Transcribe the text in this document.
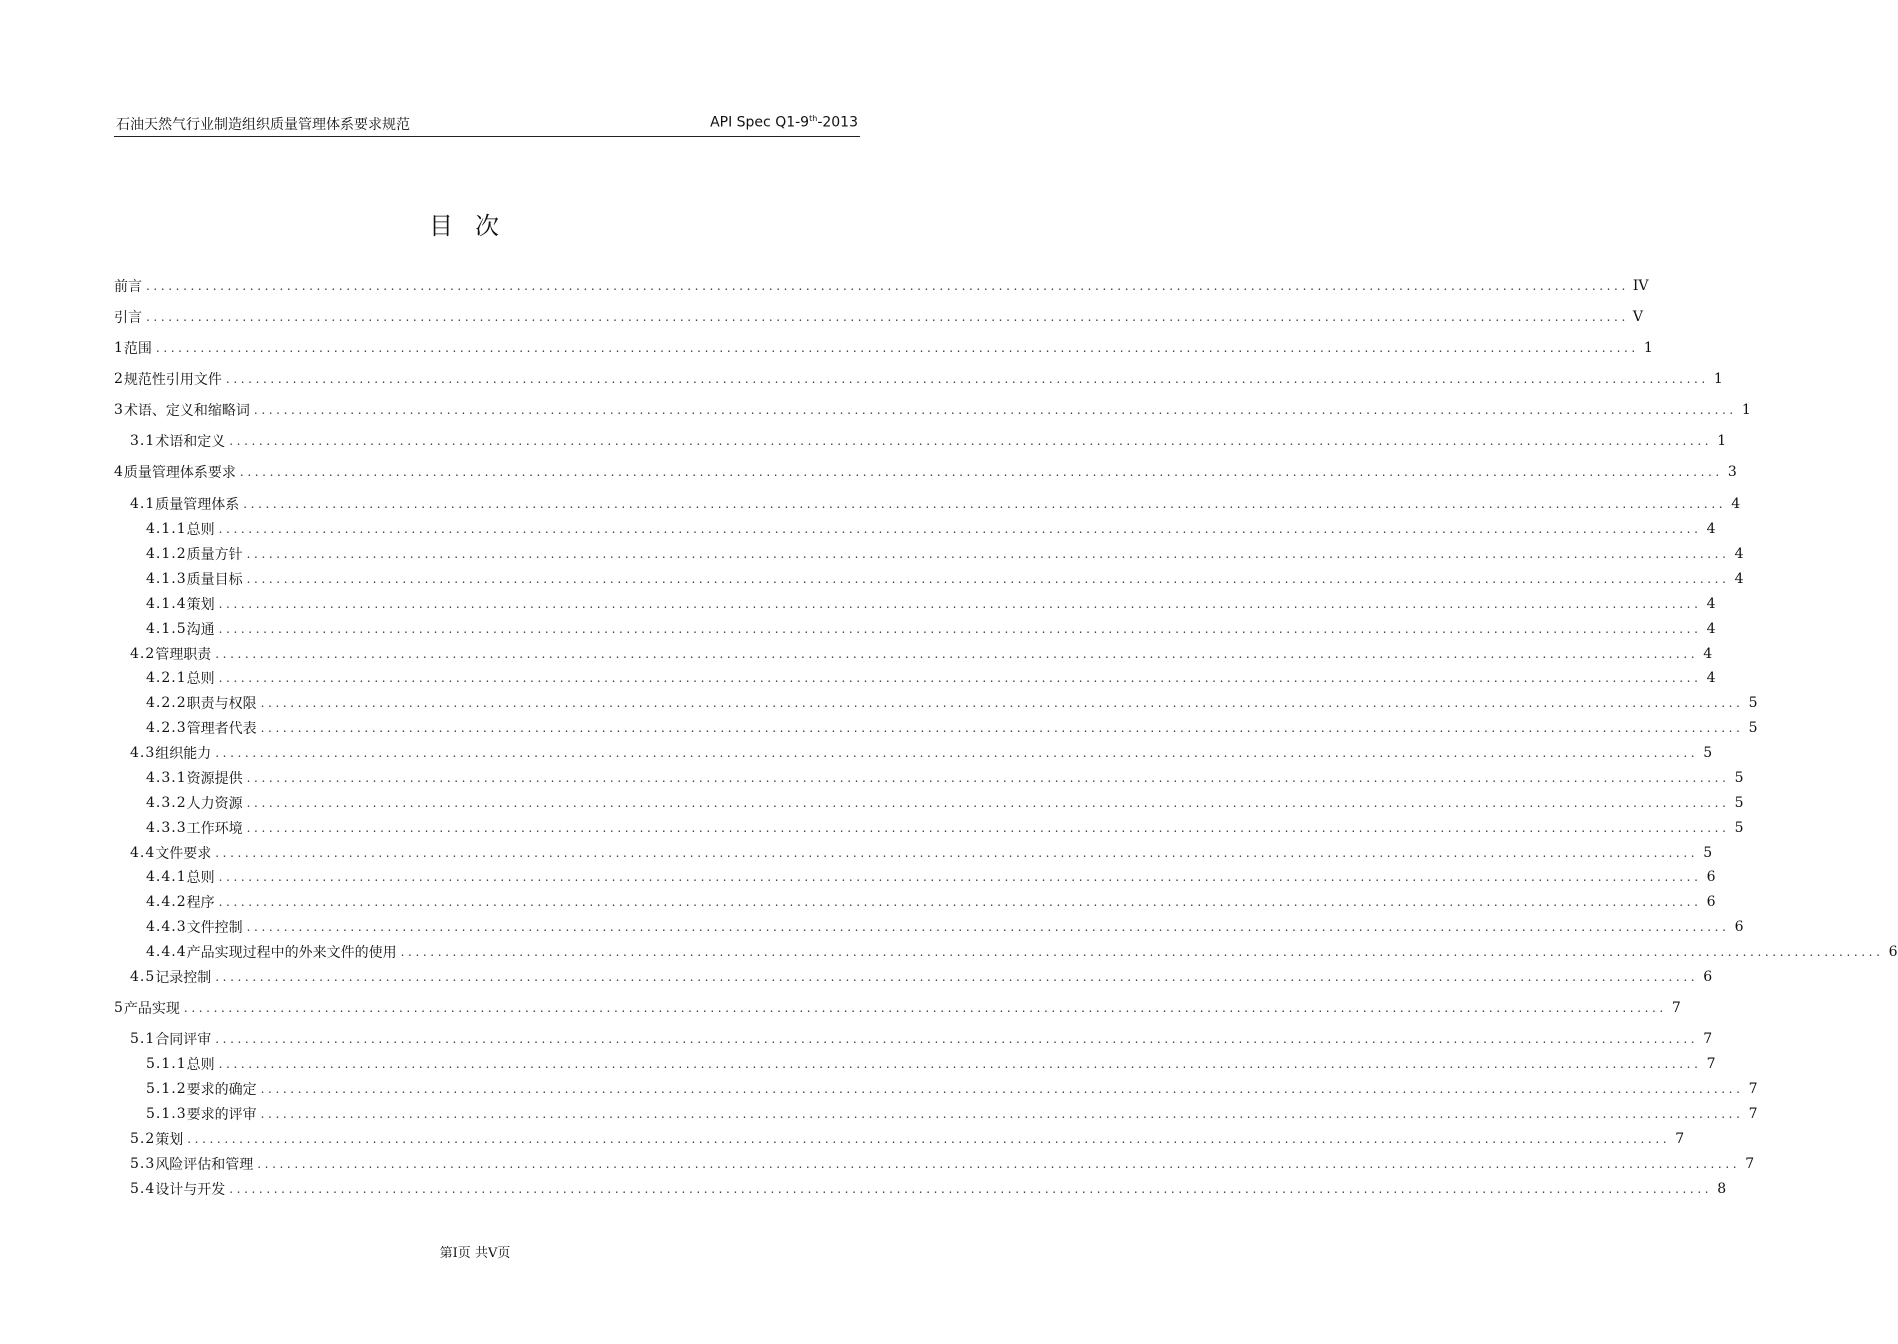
石油天然气行业制造组织质量管理体系要求规范	API Spec Q1-9th-2013
目次
前言 ........................................................................................................................................................................................................ IV
引言 ........................................................................................................................................................................................................ V
1 范围 ........................................................................................................................................................................................................ 1
2 规范性引用文件 ........................................................................................................................................................................................................ 1
3 术语、定义和缩略词 ........................................................................................................................................................................................................ 1
3.1 术语和定义 ........................................................................................................................................................................................................ 1
4 质量管理体系要求 ........................................................................................................................................................................................................ 3
4.1 质量管理体系 ........................................................................................................................................................................................................ 4
4.1.1 总则 ........................................................................................................................................................................................................ 4
4.1.2 质量方针 ........................................................................................................................................................................................................ 4
4.1.3 质量目标 ........................................................................................................................................................................................................ 4
4.1.4 策划 ........................................................................................................................................................................................................ 4
4.1.5 沟通 ........................................................................................................................................................................................................ 4
4.2 管理职责 ........................................................................................................................................................................................................ 4
4.2.1 总则 ........................................................................................................................................................................................................ 4
4.2.2 职责与权限 ........................................................................................................................................................................................................ 5
4.2.3 管理者代表 ........................................................................................................................................................................................................ 5
4.3 组织能力 ........................................................................................................................................................................................................ 5
4.3.1 资源提供 ........................................................................................................................................................................................................ 5
4.3.2 人力资源 ........................................................................................................................................................................................................ 5
4.3.3 工作环境 ........................................................................................................................................................................................................ 5
4.4 文件要求 ........................................................................................................................................................................................................ 5
4.4.1 总则 ........................................................................................................................................................................................................ 6
4.4.2 程序 ........................................................................................................................................................................................................ 6
4.4.3 文件控制 ........................................................................................................................................................................................................ 6
4.4.4 产品实现过程中的外来文件的使用 ........................................................................................................................................................................................................ 6
4.5 记录控制 ........................................................................................................................................................................................................ 6
5 产品实现 ........................................................................................................................................................................................................ 7
5.1 合同评审 ........................................................................................................................................................................................................ 7
5.1.1 总则 ........................................................................................................................................................................................................ 7
5.1.2 要求的确定 ........................................................................................................................................................................................................ 7
5.1.3 要求的评审 ........................................................................................................................................................................................................ 7
5.2 策划 ........................................................................................................................................................................................................ 7
5.3 风险评估和管理 ........................................................................................................................................................................................................ 7
5.4 设计与开发 ........................................................................................................................................................................................................ 8
第I页 共V页
